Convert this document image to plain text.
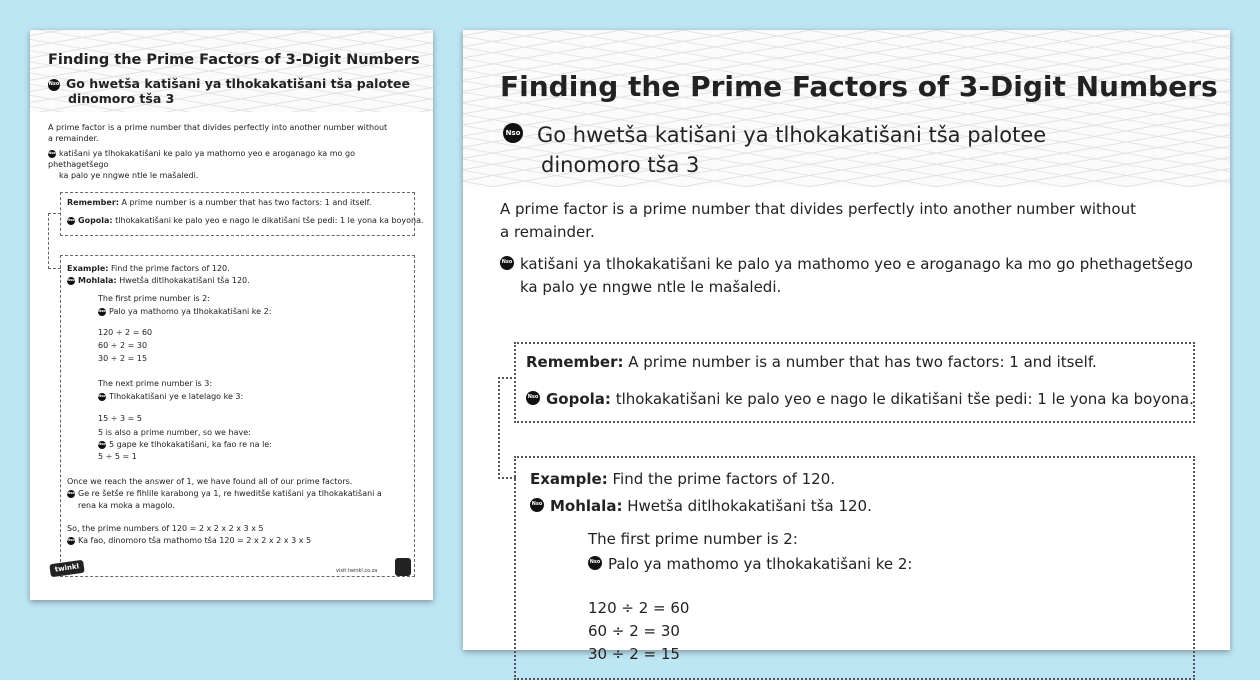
Finding the Prime Factors of 3-Digit Numbers
Nso Go hwetša katišani ya tlhokakatišani tša palotee
dinomoro tša 3
A prime factor is a prime number that divides perfectly into another number without
a remainder.
Nso katišani ya tlhokakatišani ke palo ya mathomo yeo e aroganago ka mo go phethagetšego
ka palo ye nngwe ntle le mašaledi.
Remember: A prime number is a number that has two factors: 1 and itself.
Nso Gopola: tlhokakatišani ke palo yeo e nago le dikatišani tše pedi: 1 le yona ka boyona.
Example: Find the prime factors of 120.
Nso Mohlala: Hwetša ditlhokakatišani tša 120.
The first prime number is 2:
Nso Palo ya mathomo ya tlhokakatišani ke 2:
120 ÷ 2 = 60
60 ÷ 2 = 30
30 ÷ 2 = 15
The next prime number is 3:
Nso Tlhokakatišani ye e latelago ke 3:
15 ÷ 3 = 5
5 is also a prime number, so we have:
Nso 5 gape ke tlhokakatišani, ka fao re na le:
5 ÷ 5 = 1
Once we reach the answer of 1, we have found all of our prime factors.
Nso Ge re šetše re fihlile karabong ya 1, re hweditše katišani ya tlhokakatišani a
rena ka moka a magolo.
So, the prime numbers of 120 = 2 x 2 x 2 x 3 x 5
Nso Ka fao, dinomoro tša mathomo tša 120 = 2 x 2 x 2 x 3 x 5
twinkl	visit twinkl.co.za
Finding the Prime Factors of 3-Digit Numbers
Nso Go hwetša katišani ya tlhokakatišani tša palotee
dinomoro tša 3
A prime factor is a prime number that divides perfectly into another number without
a remainder.
Nso katišani ya tlhokakatišani ke palo ya mathomo yeo e aroganago ka mo go phethagetšego
ka palo ye nngwe ntle le mašaledi.
Remember: A prime number is a number that has two factors: 1 and itself.
Nso Gopola: tlhokakatišani ke palo yeo e nago le dikatišani tše pedi: 1 le yona ka boyona.
Example: Find the prime factors of 120.
Nso Mohlala: Hwetša ditlhokakatišani tša 120.
The first prime number is 2:
Nso Palo ya mathomo ya tlhokakatišani ke 2:
120 ÷ 2 = 60
60 ÷ 2 = 30
30 ÷ 2 = 15
